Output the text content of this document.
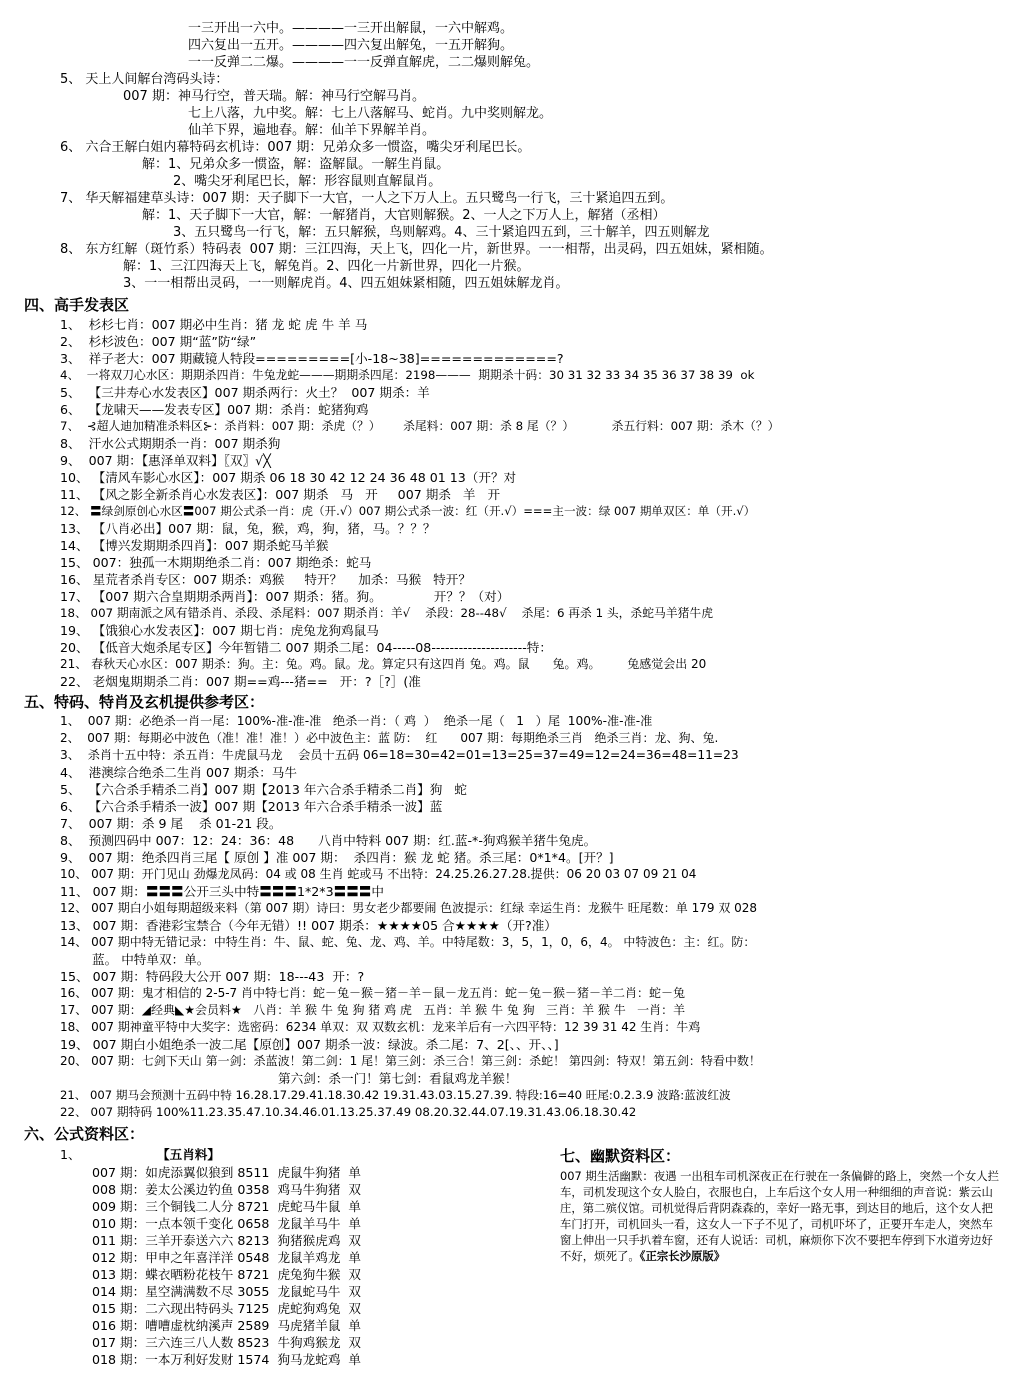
一三开出一六中。————一三开出解鼠，一六中解鸡。
四六复出一五开。————四六复出解兔，一五开解狗。
一一反弹二二爆。————一一反弹直解虎，二二爆则解兔。
5、 天上人间解台湾码头诗：
007 期：神马行空，普天瑞。解：神马行空解马肖。
七上八落，九中奖。解：七上八落解马、蛇肖。九中奖则解龙。
仙羊下界，遍地春。解：仙羊下界解羊肖。
6、 六合王解白姐内幕特码玄机诗：007 期：兄弟众多一惯盗，嘴尖牙利尾巴长。
解：1、兄弟众多一惯盗，解：盗解鼠。一解生肖鼠。
2、嘴尖牙利尾巴长，解：形容鼠则直解鼠肖。
7、 华天解福建草头诗：007 期：天子脚下一大官，一人之下万人上。五只鹭鸟一行飞，三十紧追四五到。
解：1、天子脚下一大官，解：一解猪肖，大官则解猴。2、一人之下万人上，解猪（丞相）
3、五只鹭鸟一行飞，解：五只解猴，鸟则解鸡。4、三十紧追四五到，三十解羊，四五则解龙
8、 东方红解（斑竹系）特码表  007 期：三江四海，天上飞，四化一片，新世界。一一相帮，出灵码，四五姐妹，紧相随。
解：1、三江四海天上飞，解兔肖。2、四化一片新世界，四化一片猴。
3、一一相帮出灵码，一一则解虎肖。4、四五姐妹紧相随，四五姐妹解龙肖。
四、高手发表区
1、  杉杉七肖：007 期必中生肖：猪 龙 蛇 虎 牛 羊 马
2、  杉杉波色：007 期“蓝”防“绿”
3、  祥子老大：007 期藏镜人特段=========[小-18~38]=============?
4、  一将双刀心水区：期期杀四肖：牛兔龙蛇———期期杀四尾：2198———  期期杀十码：30 31 32 33 34 35 36 37 38 39  ok
5、  【三井寿心水发表区】007 期杀两行：火土？  007 期杀：羊
6、  【龙啸天——发表专区】007 期：杀肖：蛇猪狗鸡
7、  ⊰超人迪加精准杀料区⊱：杀肖料：007 期：杀虎（？）      杀尾料：007 期：杀 8 尾（？）          杀五行料：007 期：杀木（？）
8、  汗水公式期期杀一肖：007 期杀狗
9、  007 期：【惠泽单双料】〖双〗√╳
10、 【清风车影心水区】：007 期杀 06 18 30 42 12 24 36 48 01 13（开？对
11、 【风之影全新杀肖心水发表区】：007 期杀   马   开     007 期杀   羊   开
12、 〓绿剑原创心水区〓007 期公式杀一肖：虎（开.√）007 期公式杀一波：红（开.√）===主一波：绿 007 期单双区：单（开.√）
13、 【八肖必出】007 期：鼠，兔，猴，鸡，狗，猪，马。？？？
14、 【博兴发期期杀四肖】：007 期杀蛇马羊猴
15、 007：独孤一木期期绝杀二肖：007 期绝杀：蛇马
16、 星荒者杀肖专区：007 期杀：鸡猴     特开？    加杀：马猴   特开？
17、 【007 期六合皇期期杀两肖】：007 期杀：猪。狗。             开？？（对）
18、 007 期南派之风有错杀肖、杀段、杀尾料：007 期杀肖：羊√    杀段：28--48√    杀尾：6 再杀 1 头，杀蛇马羊猪牛虎
19、 【饿狼心水发表区】：007 期七肖：虎兔龙狗鸡鼠马
20、 【低音大炮杀尾专区】今年暂错二 007 期杀二尾：04-----08---------------------特：
21、 春秋天心水区：007 期杀：狗。主：兔。鸡。鼠。龙。算定只有这四肖 兔。鸡。鼠      兔。鸡。       兔感觉会出 20
22、 老烟鬼期期杀二肖：007 期==鸡---猪==   开：?［?］(准
五、特码、特肖及玄机提供参考区：
1、  007 期：必绝杀一肖一尾：100%-准-准-准   绝杀一肖：（ 鸡  ）  绝杀一尾（   1   ）尾  100%-准-准-准
2、  007 期：每期必中波色（准！准！准！）必中波色主：蓝 防：  红      007 期：每期绝杀三肖   绝杀三肖：龙、狗、兔.
3、  杀肖十五中特：杀五肖：牛虎鼠马龙    会员十五码 06=18=30=42=01=13=25=37=49=12=24=36=48=11=23
4、  港澳综合绝杀二生肖 007 期杀：马牛
5、  【六合杀手精杀二肖】007 期【2013 年六合杀手精杀二肖】狗   蛇
6、  【六合杀手精杀一波】007 期【2013 年六合杀手精杀一波】蓝
7、  007 期：杀 9 尾    杀 01-21 段。
8、  预测四码中 007：12：24：36：48      八肖中特料 007 期：红.蓝-*-狗鸡猴羊猪牛兔虎。
9、  007 期：绝杀四肖三尾【 原创 】准 007 期：  杀四肖：猴 龙 蛇 猪。杀三尾：0*1*4。[开？]
10、 007 期：开门见山 劲爆龙凤码：04 或 08 生肖 蛇或马 不出特：24.25.26.27.28.提供：06 20 03 07 09 21 04
11、 007 期：〓〓〓公开三头中特〓〓〓1*2*3〓〓〓中
12、 007 期白小姐每期超级来料（第 007 期）诗曰：男女老少都要闹 色波提示：红绿 幸运生肖：龙猴牛 旺尾数：单 179 双 028
13、 007 期：香港彩宝禁合（今年无错）!! 007 期杀：★★★★05 合★★★★（开?准）
14、 007 期中特无错记录：中特生肖：牛、鼠、蛇、兔、龙、鸡、羊。中特尾数：3，5，1，0，6，4。 中特波色：主：红。防：
蓝。 中特单双：单。
15、 007 期：特码段大公开 007 期：18---43  开：?
16、 007 期：鬼才相信的 2-5-7 肖中特七肖：蛇－兔－猴－猪－羊－鼠－龙五肖：蛇－兔－猴－猪－羊二肖：蛇－兔
17、 007 期：◢经典◣★会员料★   八肖：羊 猴 牛 兔 狗 猪 鸡 虎   五肖：羊 猴 牛 兔 狗   三肖：羊 猴 牛   一肖：羊
18、 007 期神童平特中大奖字：选密码：6234 单双：双 双数玄机：龙来羊后有一六四平特：12 39 31 42 生肖：牛鸡
19、 007 期白小姐绝杀一波二尾【原创】007 期杀一波：绿波。杀二尾：7、2[、、开、、]
20、 007 期：七剑下天山 第一剑：杀蓝波！第二剑：1 尾！第三剑：杀三合！第三剑：杀蛇！ 第四剑：特双！第五剑：特看中数！
第六剑：杀一门！第七剑：看鼠鸡龙羊猴！
21、 007 期马会预测十五码中特 16.28.17.29.41.18.30.42 19.31.43.03.15.27.39. 特段:16=40 旺尾:0.2.3.9 波路:蓝波红波
22、 007 期特码 100%11.23.35.47.10.34.46.01.13.25.37.49 08.20.32.44.07.19.31.43.06.18.30.42
六、公式资料区：
1、	【五肖料】
007 期：如虎添翼似狼到 8511  虎鼠牛狗猪  单
008 期：姜太公溪边钓鱼 0358  鸡马牛狗猪  双
009 期：三个铜钱二人分 8721  虎蛇马牛鼠  单
010 期：一点本领千变化 0658  龙鼠羊马牛  单
011 期：三羊开泰送六六 8213  狗猪猴虎鸡  双
012 期：甲申之年喜洋洋 0548  龙鼠羊鸡龙  单
013 期：蝶衣晒粉花枝午 8721  虎兔狗牛猴  双
014 期：星空满满数不尽 3055  龙鼠蛇马牛  双
015 期：二六现出特码头 7125  虎蛇狗鸡兔  双
016 期：嘈嘈虚枕纳溪声 2589  马虎猪羊鼠  单
017 期：三六连三八人数 8523  牛狗鸡猴龙  双
018 期：一本万利好发财 1574  狗马龙蛇鸡  单
七、幽默资料区：
007 期生活幽默：夜遇 一出租车司机深夜正在行驶在一条偏僻的路上，突然一个女人拦车，司机发现这个女人脸白，衣服也白，上车后这个女人用一种细细的声音说：紫云山庄，第二殡仪馆。司机觉得后背阴森森的，幸好一路无事，到达目的地后，这个女人把车门打开，司机回头一看，这女人一下子不见了，司机吓坏了，正要开车走人，突然车窗上伸出一只手扒着车窗，还有人说话：司机，麻烦你下次不要把车停到下水道旁边好不好，烦死了。《正宗长沙原版》
